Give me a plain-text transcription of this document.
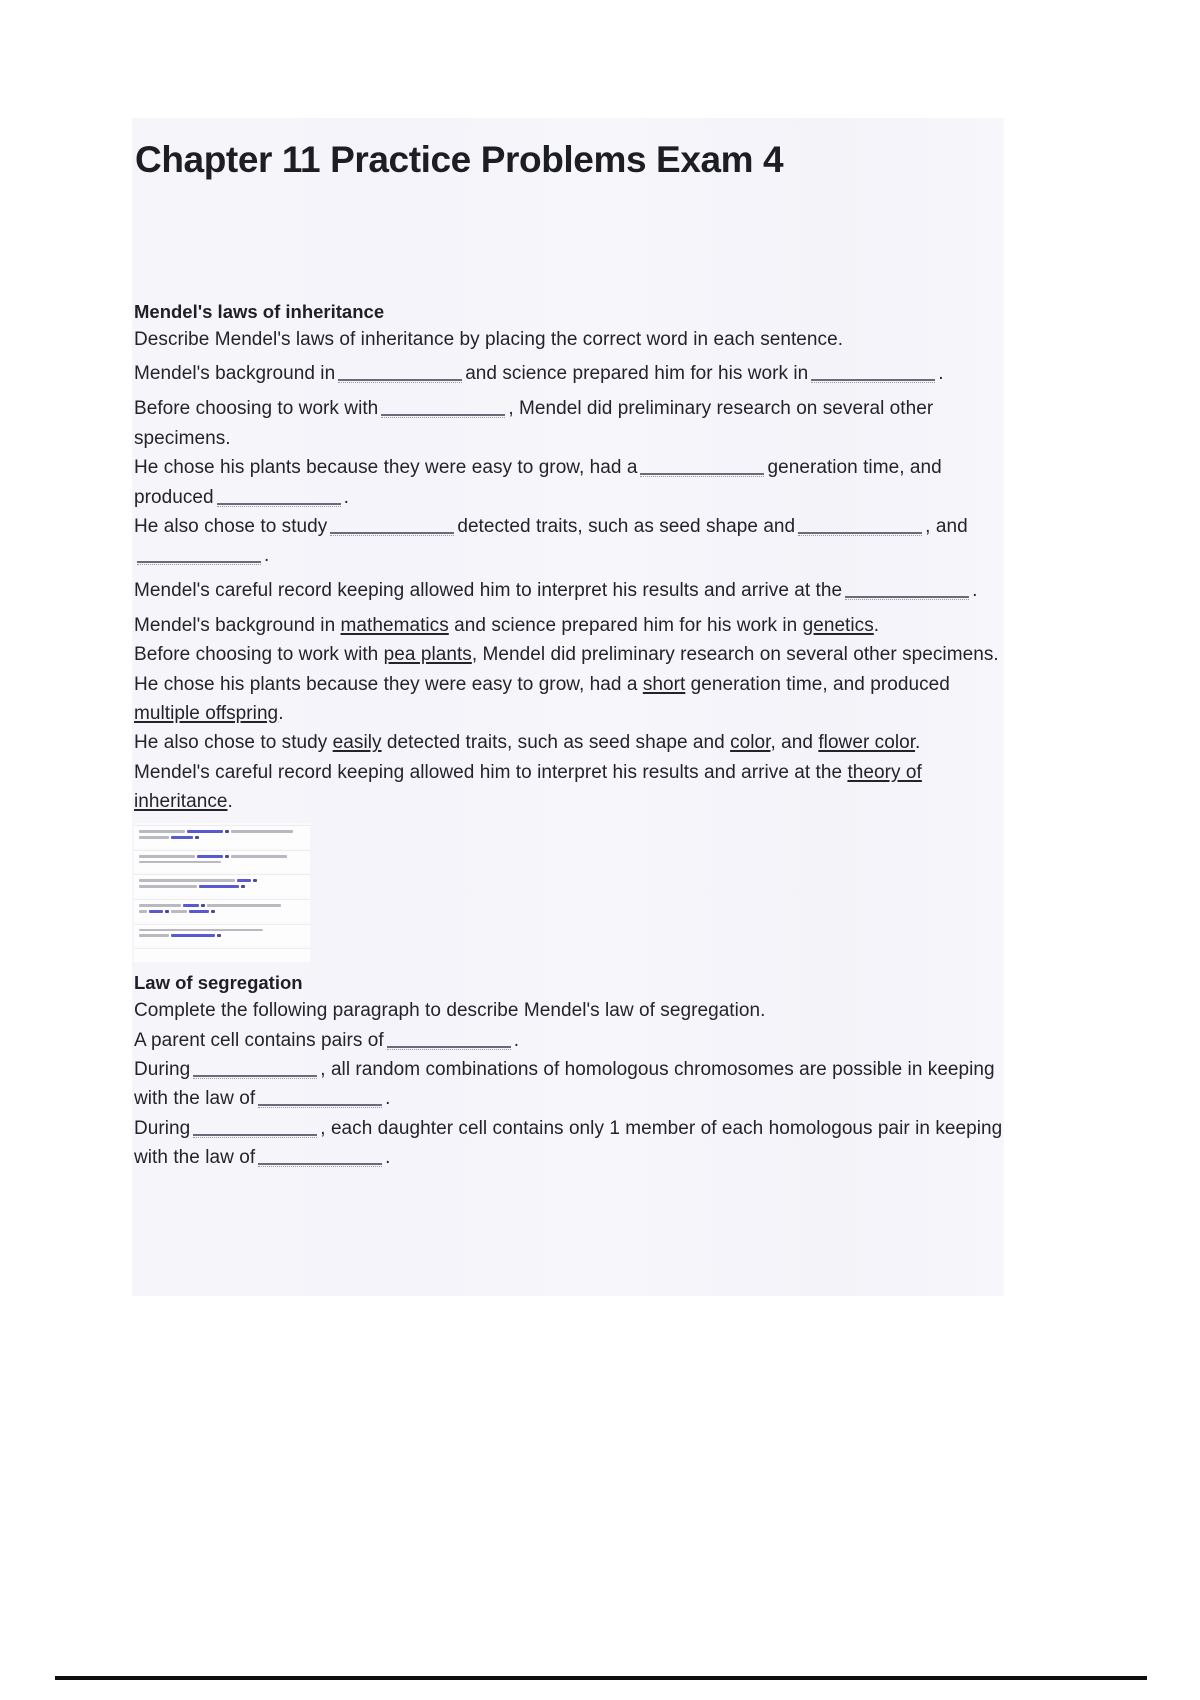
Chapter 11 Practice Problems Exam 4
Mendel's laws of inheritance
Describe Mendel's laws of inheritance by placing the correct word in each sentence.
Mendel's background in	and science prepared him for his work in	.
Before choosing to work with	, Mendel did preliminary research on several other specimens.
He chose his plants because they were easy to grow, had a	generation time, and produced	.
He also chose to study	detected traits, such as seed shape and	, and.
Mendel's careful record keeping allowed him to interpret his results and arrive at the	.
Mendel's background in mathematics and science prepared him for his work in genetics.
Before choosing to work with pea plants, Mendel did preliminary research on several other specimens.
He chose his plants because they were easy to grow, had a short generation time, and produced multiple offspring.
He also chose to study easily detected traits, such as seed shape and color, and flower color.
Mendel's careful record keeping allowed him to interpret his results and arrive at the theory of inheritance.
Law of segregation
Complete the following paragraph to describe Mendel's law of segregation.
A parent cell contains pairs of	.
During	, all random combinations of homologous chromosomes are possible in keeping with the law of	.
During	, each daughter cell contains only 1 member of each homologous pair in keeping with the law of	.
